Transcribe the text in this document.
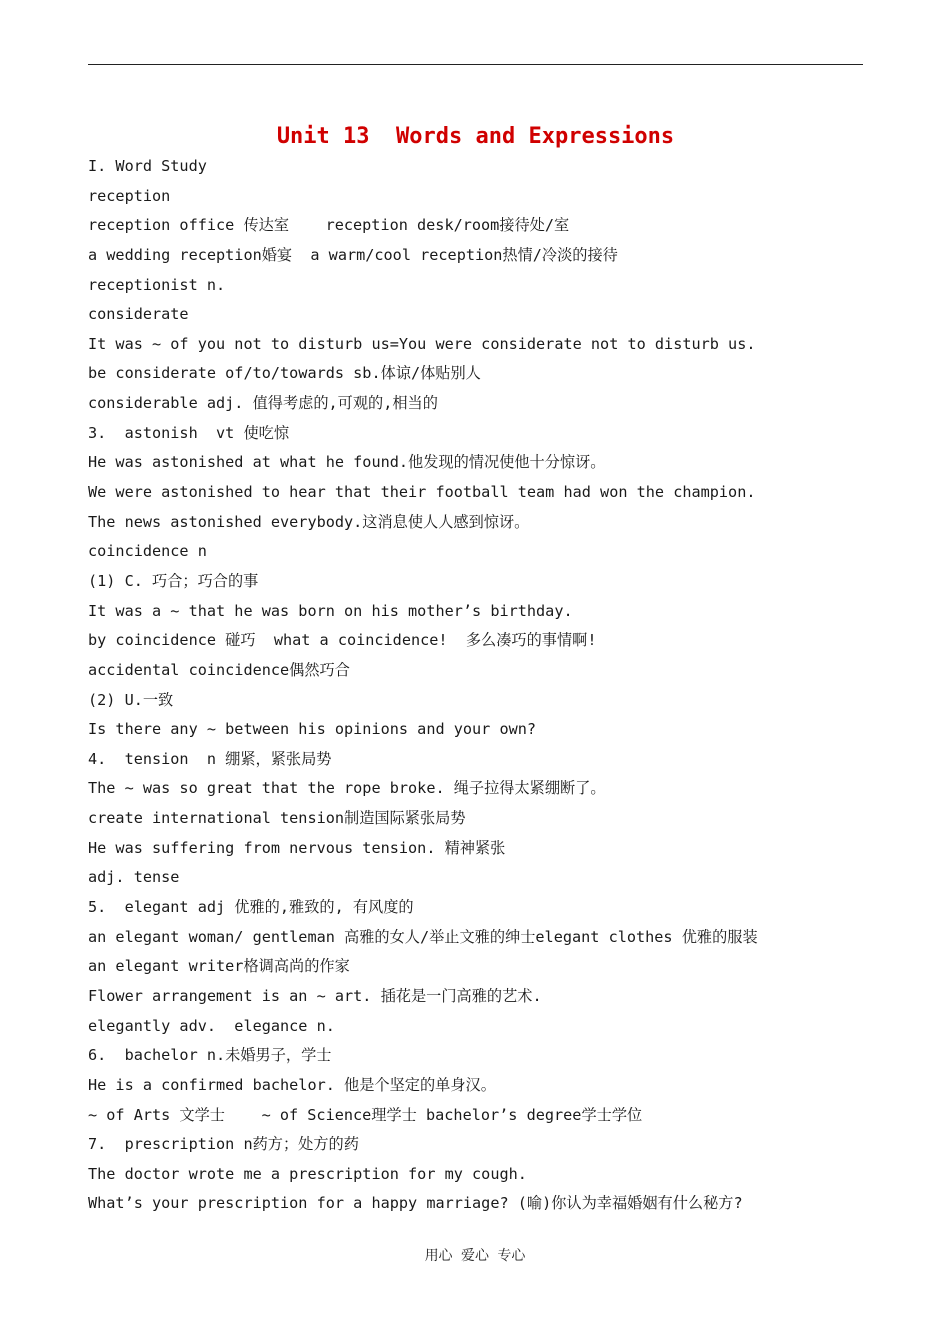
Unit 13  Words and Expressions
I. Word Study
reception
reception office 传达室    reception desk/room接待处/室
a wedding reception婚宴  a warm/cool reception热情/冷淡的接待
receptionist n.
considerate
It was ~ of you not to disturb us=You were considerate not to disturb us.
be considerate of/to/towards sb.体谅/体贴别人
considerable adj. 值得考虑的,可观的,相当的
3.  astonish  vt 使吃惊
He was astonished at what he found.他发现的情况使他十分惊讶。
We were astonished to hear that their football team had won the champion.
The news astonished everybody.这消息使人人感到惊讶。
coincidence n
(1) C. 巧合；巧合的事
It was a ~ that he was born on his mother’s birthday.
by coincidence 碰巧  what a coincidence!  多么凑巧的事情啊!
accidental coincidence偶然巧合
(2) U.一致
Is there any ~ between his opinions and your own?
4.  tension  n 绷紧，紧张局势
The ~ was so great that the rope broke. 绳子拉得太紧绷断了。
create international tension制造国际紧张局势
He was suffering from nervous tension. 精神紧张
adj. tense
5.  elegant adj 优雅的,雅致的, 有风度的
an elegant woman/ gentleman 高雅的女人/举止文雅的绅士elegant clothes 优雅的服装
an elegant writer格调高尚的作家
Flower arrangement is an ~ art. 插花是一门高雅的艺术.
elegantly adv.  elegance n.
6.  bachelor n.未婚男子，学士
He is a confirmed bachelor. 他是个坚定的单身汉。
~ of Arts 文学士    ~ of Science理学士 bachelor’s degree学士学位
7.  prescription n药方；处方的药
The doctor wrote me a prescription for my cough.
What’s your prescription for a happy marriage? (喻)你认为幸福婚姻有什么秘方?
用心 爱心 专心
